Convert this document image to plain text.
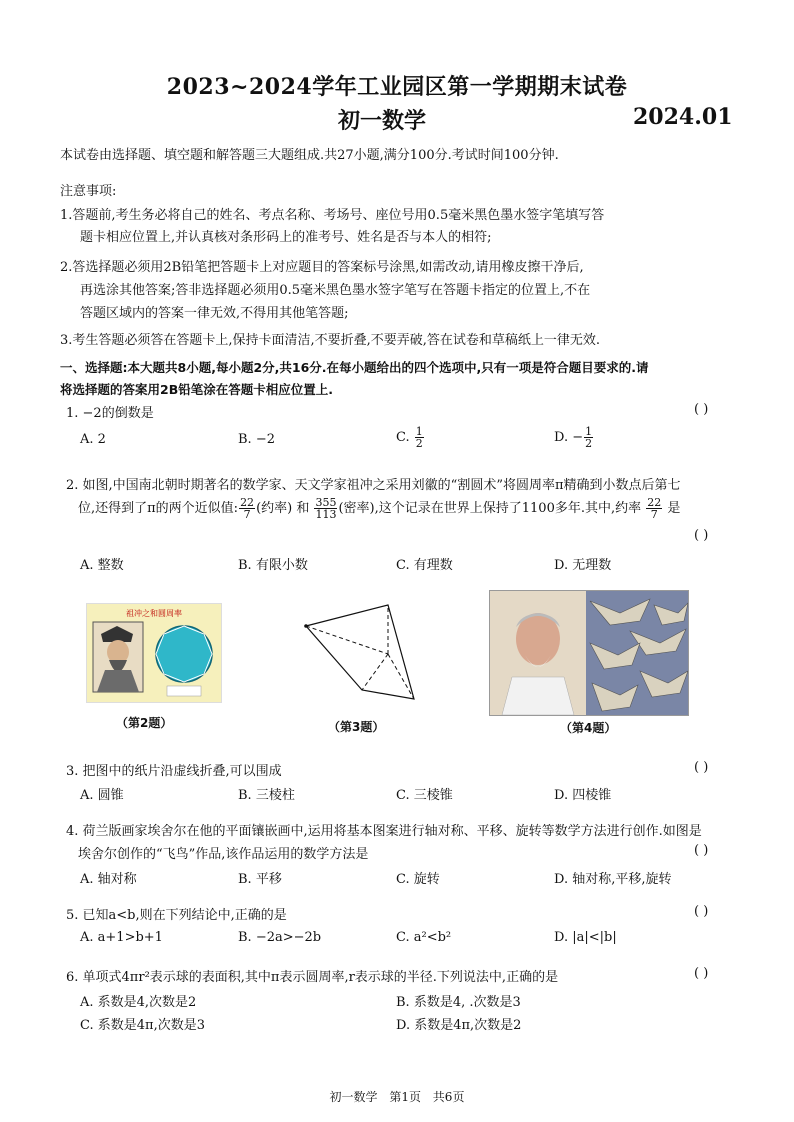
2023~2024学年工业园区第一学期期末试卷
初一数学	2024.01
本试卷由选择题、填空题和解答题三大题组成.共27小题,满分100分.考试时间100分钟.
注意事项:
1.答题前,考生务必将自己的姓名、考点名称、考场号、座位号用0.5毫米黑色墨水签字笔填写答
题卡相应位置上,并认真核对条形码上的准考号、姓名是否与本人的相符;
2.答选择题必须用2B铅笔把答题卡上对应题目的答案标号涂黑,如需改动,请用橡皮擦干净后,
再选涂其他答案;答非选择题必须用0.5毫米黑色墨水签字笔写在答题卡指定的位置上,不在
答题区域内的答案一律无效,不得用其他笔答题;
3.考生答题必须答在答题卡上,保持卡面清洁,不要折叠,不要弄破,答在试卷和草稿纸上一律无效.
一、选择题:本大题共8小题,每小题2分,共16分.在每小题给出的四个选项中,只有一项是符合题目要求的.请
将选择题的答案用2B铅笔涂在答题卡相应位置上.
1. −2的倒数是	( )
A. 2	B. −2	C. $\frac{1}{2}$	D. − $\frac{1}{2}$
2. 如图,中国南北朝时期著名的数学家、天文学家祖冲之采用刘徽的“割圆术”将圆周率π精确到小数点后第七
位,还得到了π的两个近似值: $\frac{22}{7}$ (约率) 和 $\frac{355}{113}$ (密率),这个记录在世界上保持了1100多年.其中,约率 $\frac{22}{7}$ 是
( )
A. 整数	B. 有限小数	C. 有理数	D. 无理数
祖冲之和圆周率
（第2题）	（第3题）	（第4题）
3. 把图中的纸片沿虚线折叠,可以围成	( )
A. 圆锥	B. 三棱柱	C. 三棱锥	D. 四棱锥
4. 荷兰版画家埃舍尔在他的平面镶嵌画中,运用将基本图案进行轴对称、平移、旋转等数学方法进行创作.如图是
埃舍尔创作的“飞鸟”作品,该作品运用的数学方法是	( )
A. 轴对称	B. 平移	C. 旋转	D. 轴对称,平移,旋转
5. 已知a<b,则在下列结论中,正确的是	( )
A. a+1>b+1	B. −2a>−2b	C. a²<b²	D. |a|<|b|
6. 单项式4πr²表示球的表面积,其中π表示圆周率,r表示球的半径.下列说法中,正确的是	( )
A. 系数是4,次数是2	B. 系数是4, .次数是3
C. 系数是4π,次数是3	D. 系数是4π,次数是2
初一数学 第1页 共6页
